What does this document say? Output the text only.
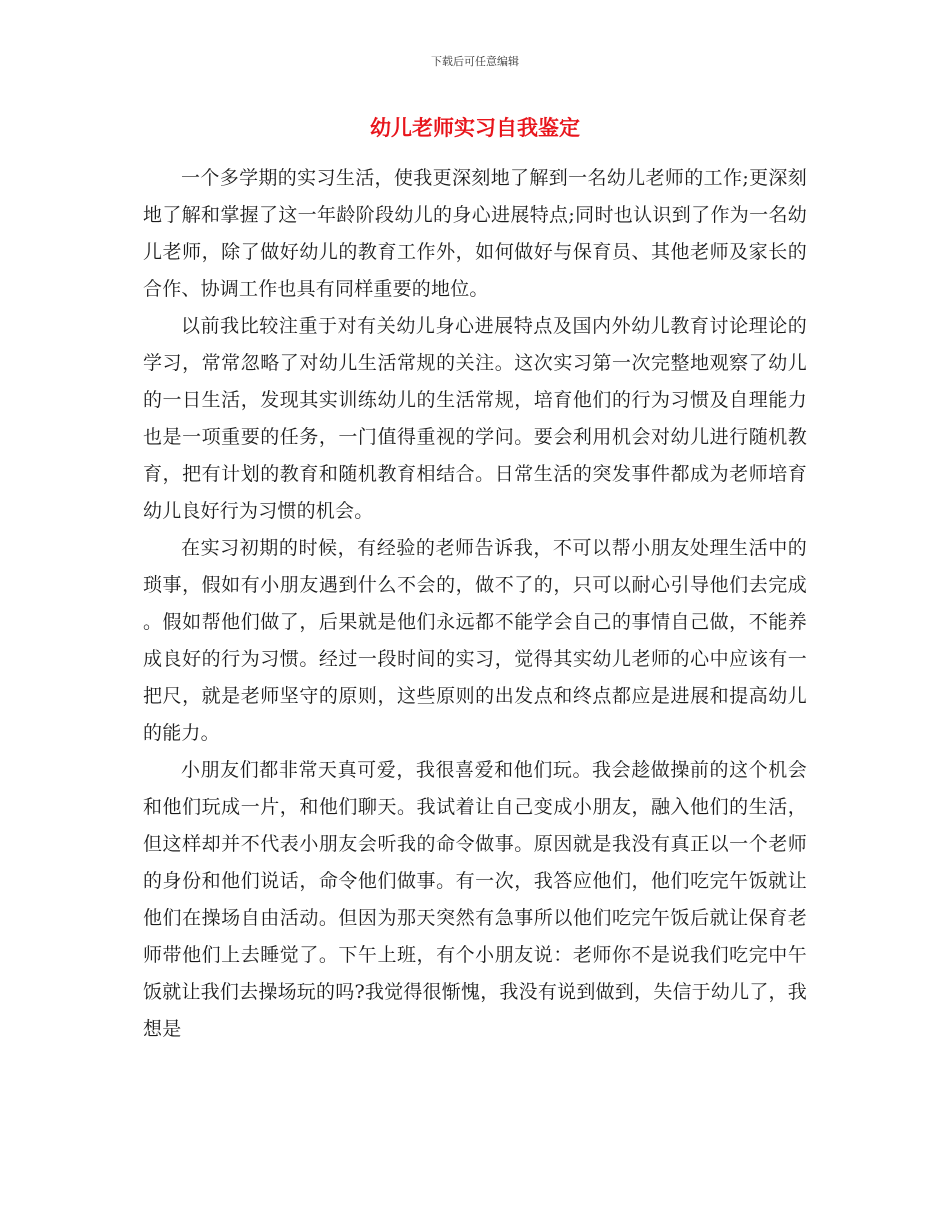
下载后可任意编辑
幼儿老师实习自我鉴定

一个多学期的实习生活，使我更深刻地了解到一名幼儿老师的工作;更深刻地了解和掌握了这一年龄阶段幼儿的身心进展特点;同时也认识到了作为一名幼儿老师，除了做好幼儿的教育工作外，如何做好与保育员、其他老师及家长的合作、协调工作也具有同样重要的地位。

以前我比较注重于对有关幼儿身心进展特点及国内外幼儿教育讨论理论的学习，常常忽略了对幼儿生活常规的关注。这次实习第一次完整地观察了幼儿的一日生活，发现其实训练幼儿的生活常规，培育他们的行为习惯及自理能力也是一项重要的任务，一门值得重视的学问。要会利用机会对幼儿进行随机教育，把有计划的教育和随机教育相结合。日常生活的突发事件都成为老师培育幼儿良好行为习惯的机会。

在实习初期的时候，有经验的老师告诉我，不可以帮小朋友处理生活中的琐事，假如有小朋友遇到什么不会的，做不了的，只可以耐心引导他们去完成 。假如帮他们做了，后果就是他们永远都不能学会自己的事情自己做，不能养成良好的行为习惯。经过一段时间的实习，觉得其实幼儿老师的心中应该有一把尺，就是老师坚守的原则，这些原则的出发点和终点都应是进展和提高幼儿的能力。

小朋友们都非常天真可爱，我很喜爱和他们玩。我会趁做操前的这个机会和他们玩成一片，和他们聊天。我试着让自己变成小朋友，融入他们的生活，但这样却并不代表小朋友会听我的命令做事。原因就是我没有真正以一个老师的身份和他们说话，命令他们做事。有一次，我答应他们，他们吃完午饭就让他们在操场自由活动。但因为那天突然有急事所以他们吃完午饭后就让保育老师带他们上去睡觉了。下午上班，有个小朋友说：老师你不是说我们吃完中午饭就让我们去操场玩的吗?我觉得很惭愧，我没有说到做到，失信于幼儿了，我想是
